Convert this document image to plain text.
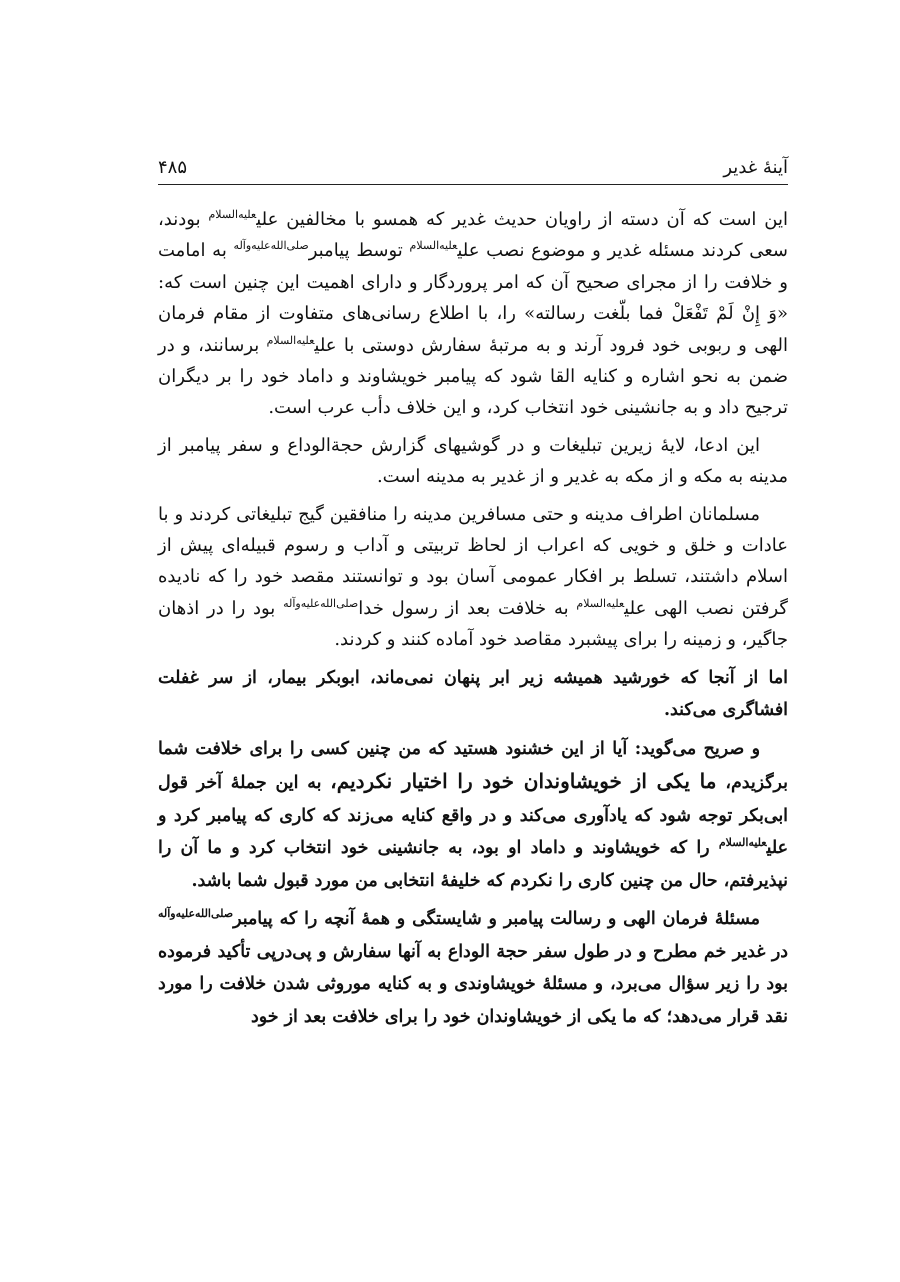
آینهٔ غدیر
۴۸۵

این است که آن دسته از راویان حدیث غدیر که همسو با مخالفین علی$^{علیه‌السلام}$ بودند، سعی کردند مسئله غدیر و موضوع نصب علی$^{علیه‌السلام}$ توسط پیامبر$^{صلی‌الله‌علیه‌وآله}$ به امامت و خلافت را از مجرای صحیح آن که امر پروردگار و دارای اهمیت این چنین است که: «وَ إِنْ لَمْ تَفْعَلْ فما بلّغت رسالته» را، با اطلاع رسانی‌های متفاوت از مقام فرمان الهی و ربوبی خود فرود آرند و به مرتبهٔ سفارش دوستی با علی$^{علیه‌السلام}$ برسانند، و در ضمن به نحو اشاره و کنایه القا شود که پیامبر خویشاوند و داماد خود را بر دیگران ترجیح داد و به جانشینی خود انتخاب کرد، و این خلاف دأب عرب است.

این ادعا، لایهٔ زیرین تبلیغات و در گوشیهای گزارش حجةالوداع و سفر پیامبر از مدینه به مکه و از مکه به غدیر و از غدیر به مدینه است.

مسلمانان اطراف مدینه و حتی مسافرین مدینه را منافقین گیج تبلیغاتی کردند و با عادات و خلق و خویی که اعراب از لحاظ تربیتی و آداب و رسوم قبیله‌ای پیش از اسلام داشتند، تسلط بر افکار عمومی آسان بود و توانستند مقصد خود را که نادیده گرفتن نصب الهی علی$^{علیه‌السلام}$ به خلافت بعد از رسول خدا$^{صلی‌الله‌علیه‌وآله}$ بود را در اذهان جاگیر، و زمینه را برای پیشبرد مقاصد خود آماده کنند و کردند.

اما از آنجا که خورشید همیشه زیر ابر پنهان نمی‌ماند، ابوبکر بیمار، از سر غفلت افشاگری می‌کند.

و صریح می‌گوید: آیا از این خشنود هستید که من چنین کسی را برای خلافت شما برگزیدم، ما یکی از خویشاوندان خود را اختیار نکردیم، به این جملهٔ آخر قول ابی‌بکر توجه شود که یادآوری می‌کند و در واقع کنایه می‌زند که کاری که پیامبر کرد و علی$^{علیه‌السلام}$ را که خویشاوند و داماد او بود، به جانشینی خود انتخاب کرد و ما آن را نپذیرفتم، حال من چنین کاری را نکردم که خلیفهٔ انتخابی من مورد قبول شما باشد.

مسئلهٔ فرمان الهی و رسالت پیامبر و شایستگی و همهٔ آنچه را که پیامبر$^{صلی‌الله‌علیه‌وآله}$ در غدیر خم مطرح و در طول سفر حجة الوداع به آنها سفارش و پی‌درپی تأکید فرموده بود را زیر سؤال می‌برد، و مسئلهٔ خویشاوندی و به کنایه موروثی شدن خلافت را مورد نقد قرار می‌دهد؛ که ما یکی از خویشاوندان خود را برای خلافت بعد از خود
